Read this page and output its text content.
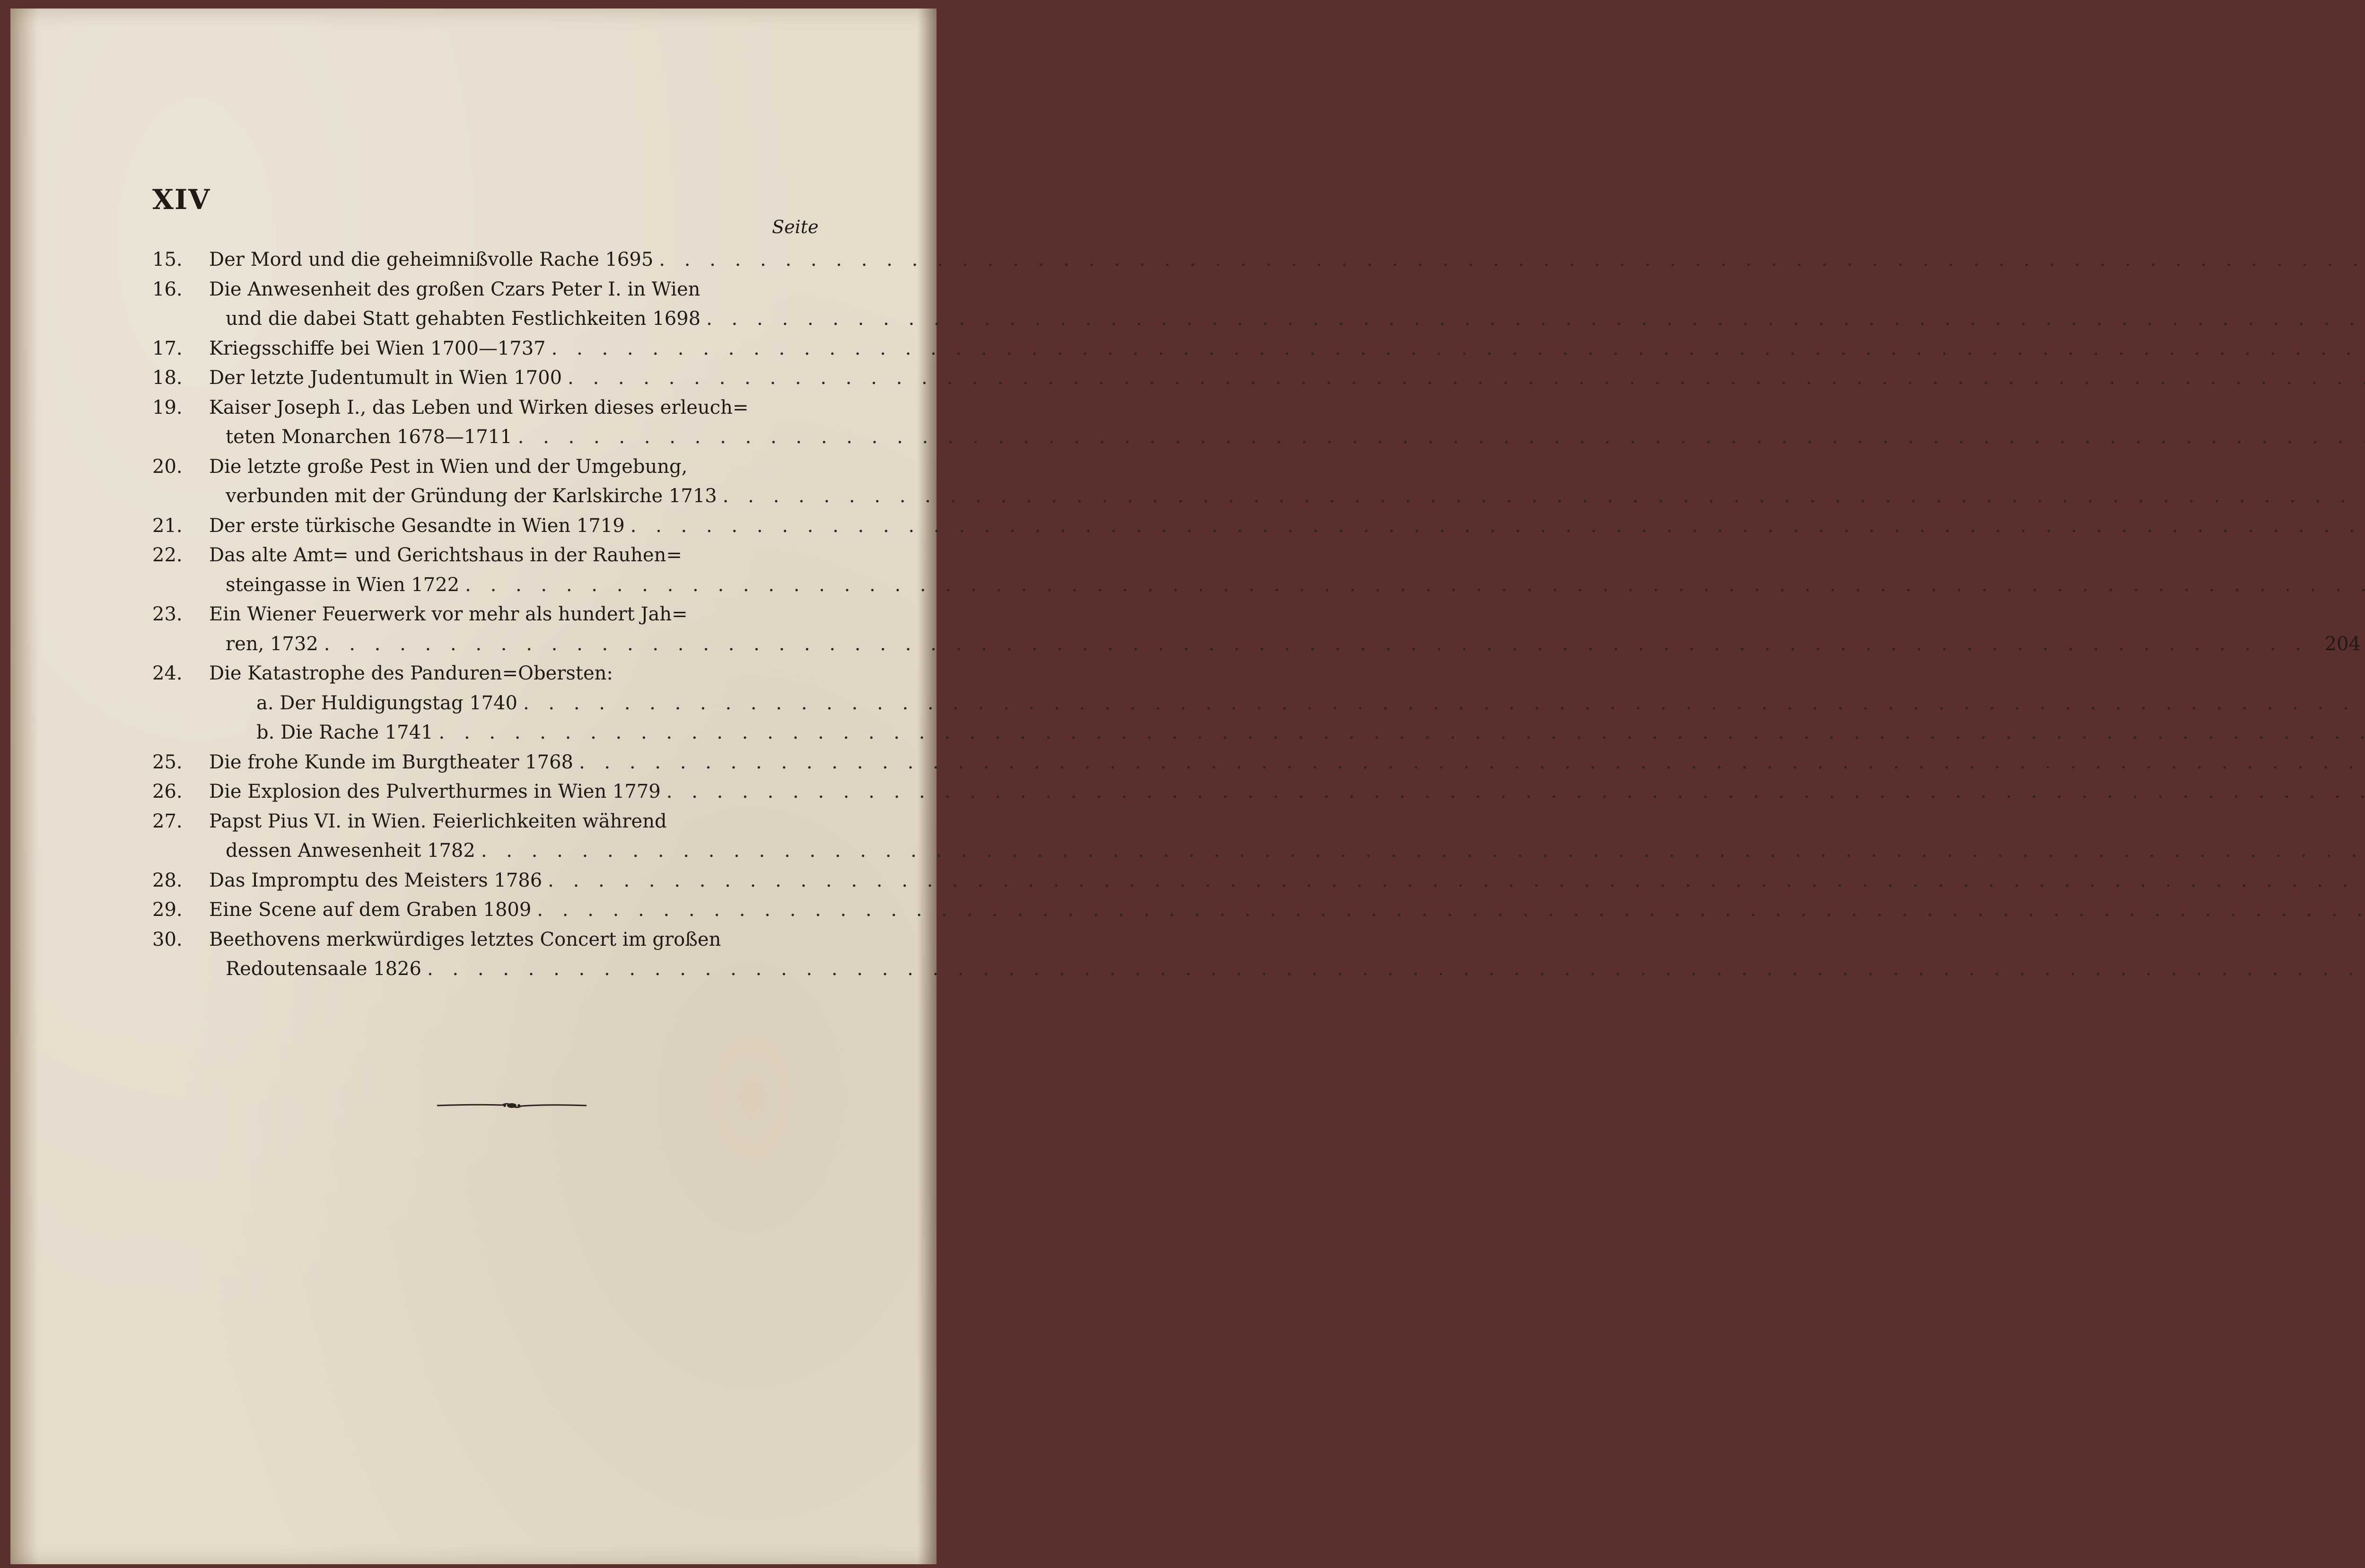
XIV
Seite
15.	Der Mord und die geheimnißvolle Rache 1695
. . .
16.	Die Anwesenheit des großen Czars Peter I. in Wien
und die dabei Statt gehabten Festlichkeiten 1698
. . .
17.	Kriegsschiffe bei Wien 1700—1737
. . .
18.	Der letzte Judentumult in Wien 1700
. . .
19.	Kaiser Joseph I., das Leben und Wirken dieses erleuch=
teten Monarchen 1678—1711
. . .
20.	Die letzte große Pest in Wien und der Umgebung,
verbunden mit der Gründung der Karlskirche 1713
. . .
21.	Der erste türkische Gesandte in Wien 1719
. . .
22.	Das alte Amt= und Gerichtshaus in der Rauhen=
steingasse in Wien 1722
. . .
23.	Ein Wiener Feuerwerk vor mehr als hundert Jah=
ren, 1732
. . .	204
24.	Die Katastrophe des Panduren=Obersten:
a. Der Huldigungstag 1740
. . .
b. Die Rache 1741
. . .
25.	Die frohe Kunde im Burgtheater 1768
. . .
26.	Die Explosion des Pulverthurmes in Wien 1779
. . .
27.	Papst Pius VI. in Wien. Feierlichkeiten während
dessen Anwesenheit 1782
. . .
28.	Das Impromptu des Meisters 1786
. . .
29.	Eine Scene auf dem Graben 1809
. . .
30.	Beethovens merkwürdiges letztes Concert im großen
Redoutensaale 1826
. . .
